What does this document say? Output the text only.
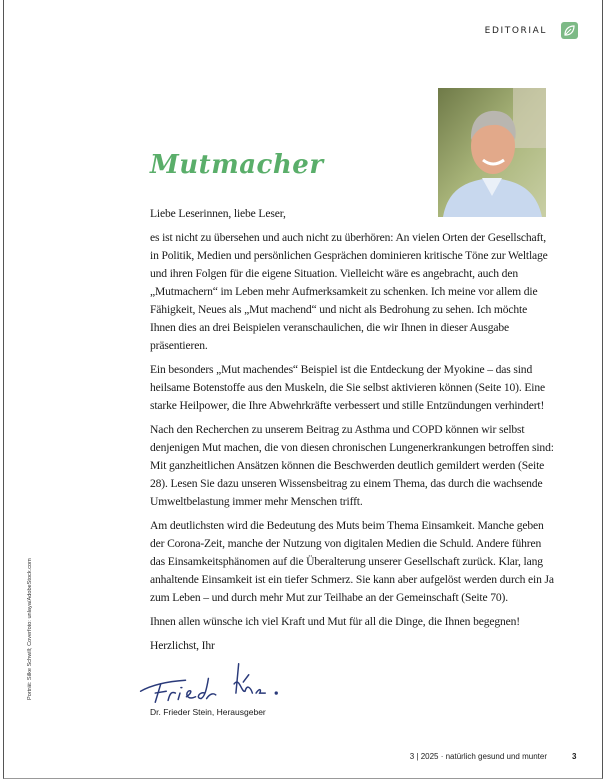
EDITORIAL
Mutmacher

Liebe Leserinnen, liebe Leser,

es ist nicht zu übersehen und auch nicht zu überhören: An vielen Orten der Gesellschaft, in Politik, Medien und persönlichen Gesprächen dominieren kritische Töne zur Weltlage und ihren Folgen für die eigene Situation. Vielleicht wäre es angebracht, auch den „Mutmachern“ im Leben mehr Aufmerksamkeit zu schenken. Ich meine vor allem die Fähigkeit, Neues als „Mut machend“ und nicht als Bedrohung zu sehen. Ich möchte Ihnen dies an drei Beispielen veranschaulichen, die wir Ihnen in dieser Ausgabe präsentieren.

Ein besonders „Mut machendes“ Beispiel ist die Entdeckung der Myokine – das sind heilsame Botenstoffe aus den Muskeln, die Sie selbst aktivieren können (Seite 10). Eine starke Heilpower, die Ihre Abwehrkräfte verbessert und stille Entzündungen verhindert!

Nach den Recherchen zu unserem Beitrag zu Asthma und COPD können wir selbst denjenigen Mut machen, die von diesen chronischen Lungenerkrankungen betroffen sind: Mit ganzheitlichen Ansätzen können die Beschwerden deutlich gemildert werden (Seite 28). Lesen Sie dazu unseren Wissensbeitrag zu einem Thema, das durch die wachsende Umweltbelastung immer mehr Menschen trifft.

Am deutlichsten wird die Bedeutung des Muts beim Thema Einsamkeit. Manche geben der Corona-Zeit, manche der Nutzung von digitalen Medien die Schuld. Andere führen das Einsamkeitsphänomen auf die Überalterung unserer Gesellschaft zurück. Klar, lang anhaltende Einsamkeit ist ein tiefer Schmerz. Sie kann aber aufgelöst werden durch ein Ja zum Leben – und durch mehr Mut zur Teilhabe an der Gemeinschaft (Seite 70).

Ihnen allen wünsche ich viel Kraft und Mut für all die Dinge, die Ihnen begegnen!

Herzlichst, Ihr

Dr. Frieder Stein, Herausgeber
Porträt: Silke Schwill; Coverfoto: unlaya/AdobeStock.com
3 | 2025 · natürlich gesund und munter	3
